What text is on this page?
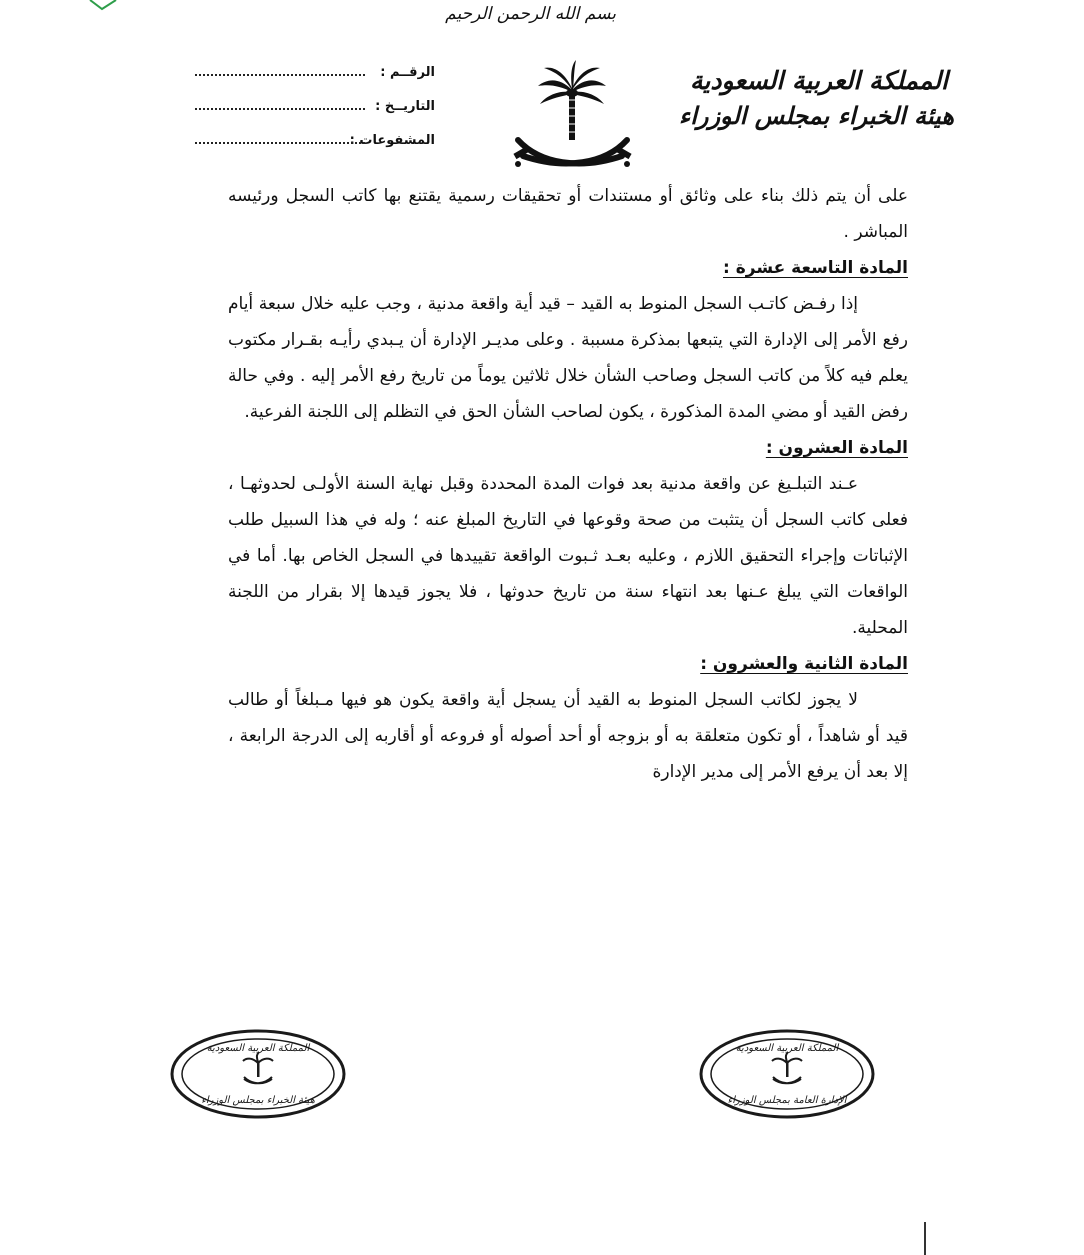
بسم الله الرحمن الرحيم
المملكة العربية السعودية
هيئة الخبراء بمجلس الوزراء
الرقــم :
التاريــخ :
المشفوعات :

على أن يتم ذلك بناء على وثائق أو مستندات أو تحقيقات رسمية يقتنع بها كاتب السجل ورئيسه المباشر .

المادة التاسعة عشرة :

إذا رفـض كاتـب السجل المنوط به القيد – قيد أية واقعة مدنية ، وجب عليه خلال سبعة أيام رفع الأمر إلى الإدارة التي يتبعها بمذكرة مسببة . وعلى مديـر الإدارة أن يـبدي رأيـه بقـرار مكتوب يعلم فيه كلاً من كاتب السجل وصاحب الشأن خلال ثلاثين يوماً من تاريخ رفع الأمر إليه . وفي حالة رفض القيد أو مضي المدة المذكورة ، يكون لصاحب الشأن الحق في التظلم إلى اللجنة الفرعية.

المادة العشرون :

عـند التبلـيغ عن واقعة مدنية بعد فوات المدة المحددة وقبل نهاية السنة الأولـى لحدوثهـا ، فعلى كاتب السجل أن يتثبت من صحة وقوعها في التاريخ المبلغ عنه ؛ وله في هذا السبيل طلب الإثباتات وإجراء التحقيق اللازم ، وعليه بعـد ثـبوت الواقعة تقييدها في السجل الخاص بها. أما في الواقعات التي يبلغ عـنها بعد انتهاء سنة من تاريخ حدوثها ، فلا يجوز قيدها إلا بقرار من اللجنة المحلية.

المادة الثانية والعشرون :

لا يجوز لكاتب السجل المنوط به القيد أن يسجل أية واقعة يكون هو فيها مـبلغاً أو طالب قيد أو شاهداً ، أو تكون متعلقة به أو بزوجه أو أحد أصوله أو فروعه أو أقاربه إلى الدرجة الرابعة ، إلا بعد أن يرفع الأمر إلى مدير الإدارة

المملكة العربية السعودية
هيئة الخبراء بمجلس الوزراء
المملكة العربية السعودية
الإدارة العامة بمجلس الوزراء
